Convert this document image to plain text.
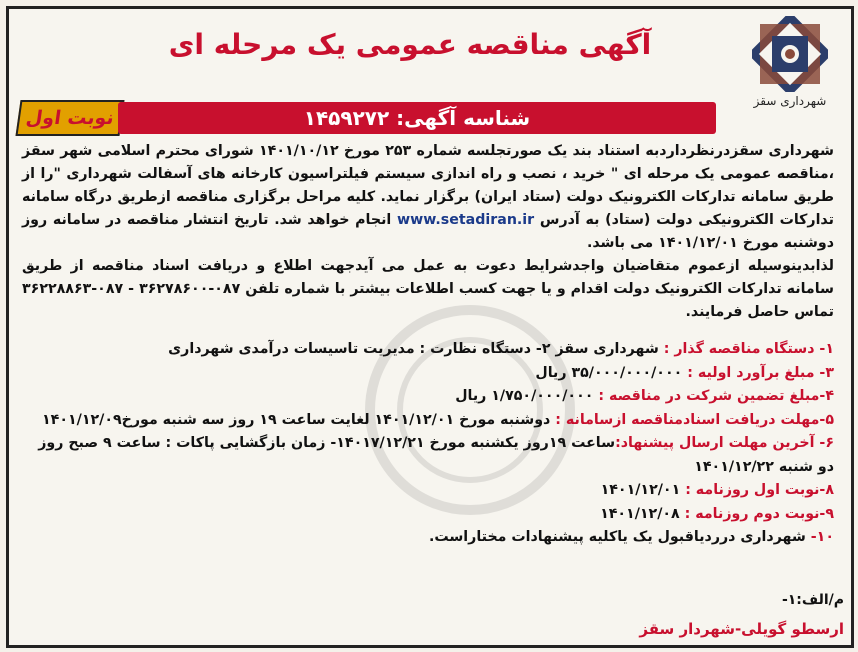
شهرداری سقز
آگهی مناقصه عمومی یک مرحله ای
نوبت اول	شناسه آگهی: ۱۴۵۹۲۷۲

شهرداری سقزدرنظرداردبه استناد بند یک صورتجلسه شماره ۲۵۳ مورخ ۱۴۰۱/۱۰/۱۲ شورای محترم اسلامی شهر سقز ،مناقصه عمومی یک مرحله ای " خرید ، نصب و راه اندازی سیستم فیلتراسیون کارخانه های آسفالت شهرداری "را از طریق سامانه تدارکات الکترونیک دولت (ستاد ایران) برگزار نماید. کلیه مراحل برگزاری مناقصه ازطریق درگاه سامانه تدارکات الکترونیکی دولت (ستاد) به آدرس www.setadiran.ir انجام خواهد شد. تاریخ انتشار مناقصه در سامانه روز دوشنبه مورخ ۱۴۰۱/۱۲/۰۱ می باشد.

لذابدینوسیله ازعموم متقاضیان واجدشرایط دعوت به عمل می آیدجهت اطلاع و دریافت اسناد مناقصه از طریق سامانه تدارکات الکترونیک دولت اقدام و یا جهت کسب اطلاعات بیشتر با شماره تلفن ۰۸۷-۳۶۲۷۸۶۰۰ - ۰۸۷-۳۶۲۲۸۸۶۳ تماس حاصل فرمایند.

۱- دستگاه مناقصه گذار : شهرداری سقز ۲- دستگاه نظارت : مدیریت تاسیسات درآمدی شهرداری
۳- مبلغ برآورد اولیه : ۳۵/۰۰۰/۰۰۰/۰۰۰ ریال
۴-مبلغ تضمین شرکت در مناقصه : ۱/۷۵۰/۰۰۰/۰۰۰ ریال
۵-مهلت دریافت اسنادمناقصه ازسامانه : دوشنبه مورخ ۱۴۰۱/۱۲/۰۱ لغایت ساعت ۱۹ روز سه شنبه مورخ۱۴۰۱/۱۲/۰۹
۶- آخرین مهلت ارسال پیشنهاد:ساعت ۱۹روز یکشنبه مورخ ۱۴۰۱۷/۱۲/۲۱- زمان بازگشایی پاکات : ساعت ۹ صبح روز دو شنبه ۱۴۰۱/۱۲/۲۲
۸-نوبت اول روزنامه : ۱۴۰۱/۱۲/۰۱
۹-نوبت دوم روزنامه : ۱۴۰۱/۱۲/۰۸
۱۰- شهرداری درردیاقبول یک یاکلیه پیشنهادات مختاراست.
م/الف:۱-
ارسطو گویلی-شهردار سقز
